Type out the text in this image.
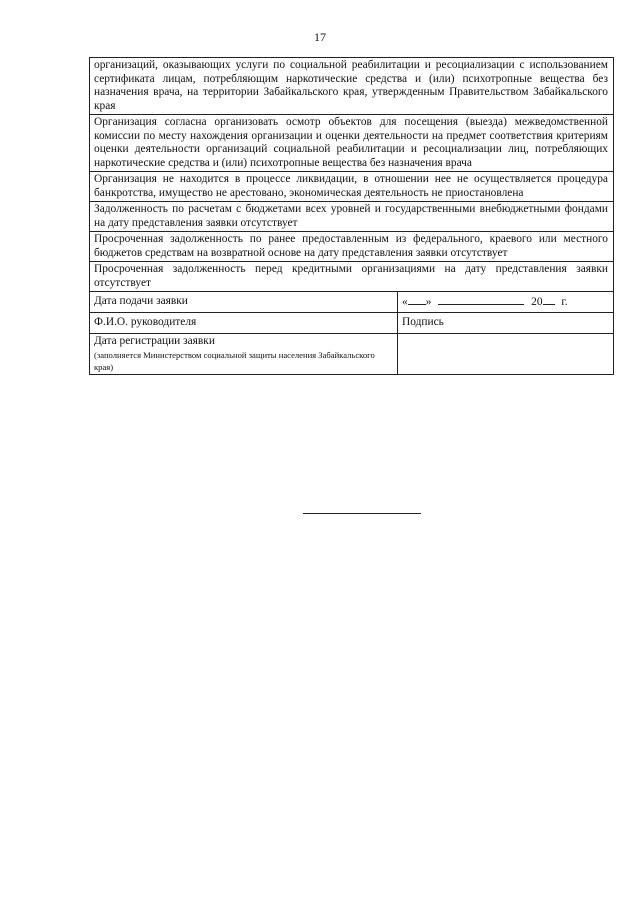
17
организаций, оказывающих услуги по социальной реабилитации и ресоциализации с использованием сертификата лицам, потребляющим наркотические средства и (или) психотропные вещества без назначения врача, на территории Забайкальского края, утвержденным Правительством Забайкальского края	
Организация согласна организовать осмотр объектов для посещения (выезда) межведомственной комиссии по месту нахождения организации и оценки деятельности на предмет соответствия критериям оценки деятельности организаций социальной реабилитации и ресоциализации лиц, потребляющих наркотические средства и (или) психотропные вещества без назначения врача	
Организация не находится в процессе ликвидации, в отношении нее не осуществляется процедура банкротства, имущество не арестовано, экономическая деятельность не приостановлена	
Задолженность по расчетам с бюджетами всех уровней и государственными внебюджетными фондами на дату представления заявки отсутствует	
Просроченная задолженность по ранее предоставленным из федерального, краевого или местного бюджетов средствам на возвратной основе на дату представления заявки отсутствует	
Просроченная задолженность перед кредитными организациями на дату представления заявки отсутствует	
Дата подачи заявки	« » 20 г.
Ф.И.О. руководителя	Подпись
Дата регистрации заявки
(заполняется Министерством социальной защиты населения Забайкальского края)	
